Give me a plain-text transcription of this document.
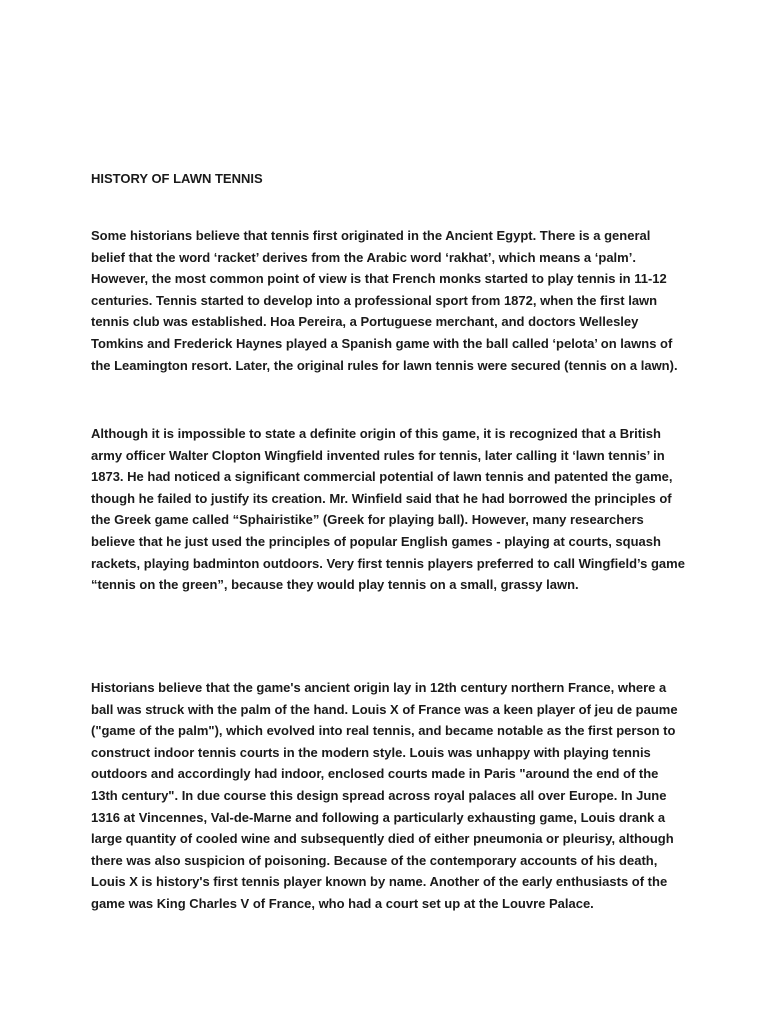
HISTORY OF LAWN TENNIS

Some historians believe that tennis first originated in the Ancient Egypt. There is a general belief that the word ‘racket’ derives from the Arabic word ‘rakhat’, which means a ‘palm’. However, the most common point of view is that French monks started to play tennis in 11-12 centuries. Tennis started to develop into a professional sport from 1872, when the first lawn tennis club was established. Hoa Pereira, a Portuguese merchant, and doctors Wellesley Tomkins and Frederick Haynes played a Spanish game with the ball called ‘pelota’ on lawns of the Leamington resort. Later, the original rules for lawn tennis were secured (tennis on a lawn).

Although it is impossible to state a definite origin of this game, it is recognized that a British army officer Walter Clopton Wingfield invented rules for tennis, later calling it ‘lawn tennis’ in 1873. He had noticed a significant commercial potential of lawn tennis and patented the game, though he failed to justify its creation. Mr. Winfield said that he had borrowed the principles of the Greek game called “Sphairistike” (Greek for playing ball). However, many researchers believe that he just used the principles of popular English games - playing at courts, squash rackets, playing badminton outdoors. Very first tennis players preferred to call Wingfield’s game “tennis on the green”, because they would play tennis on a small, grassy lawn.

Historians believe that the game's ancient origin lay in 12th century northern France, where a ball was struck with the palm of the hand. Louis X of France was a keen player of jeu de paume ("game of the palm"), which evolved into real tennis, and became notable as the first person to construct indoor tennis courts in the modern style. Louis was unhappy with playing tennis outdoors and accordingly had indoor, enclosed courts made in Paris "around the end of the 13th century". In due course this design spread across royal palaces all over Europe. In June 1316 at Vincennes, Val-de-Marne and following a particularly exhausting game, Louis drank a large quantity of cooled wine and subsequently died of either pneumonia or pleurisy, although there was also suspicion of poisoning. Because of the contemporary accounts of his death, Louis X is history's first tennis player known by name. Another of the early enthusiasts of the game was King Charles V of France, who had a court set up at the Louvre Palace.
